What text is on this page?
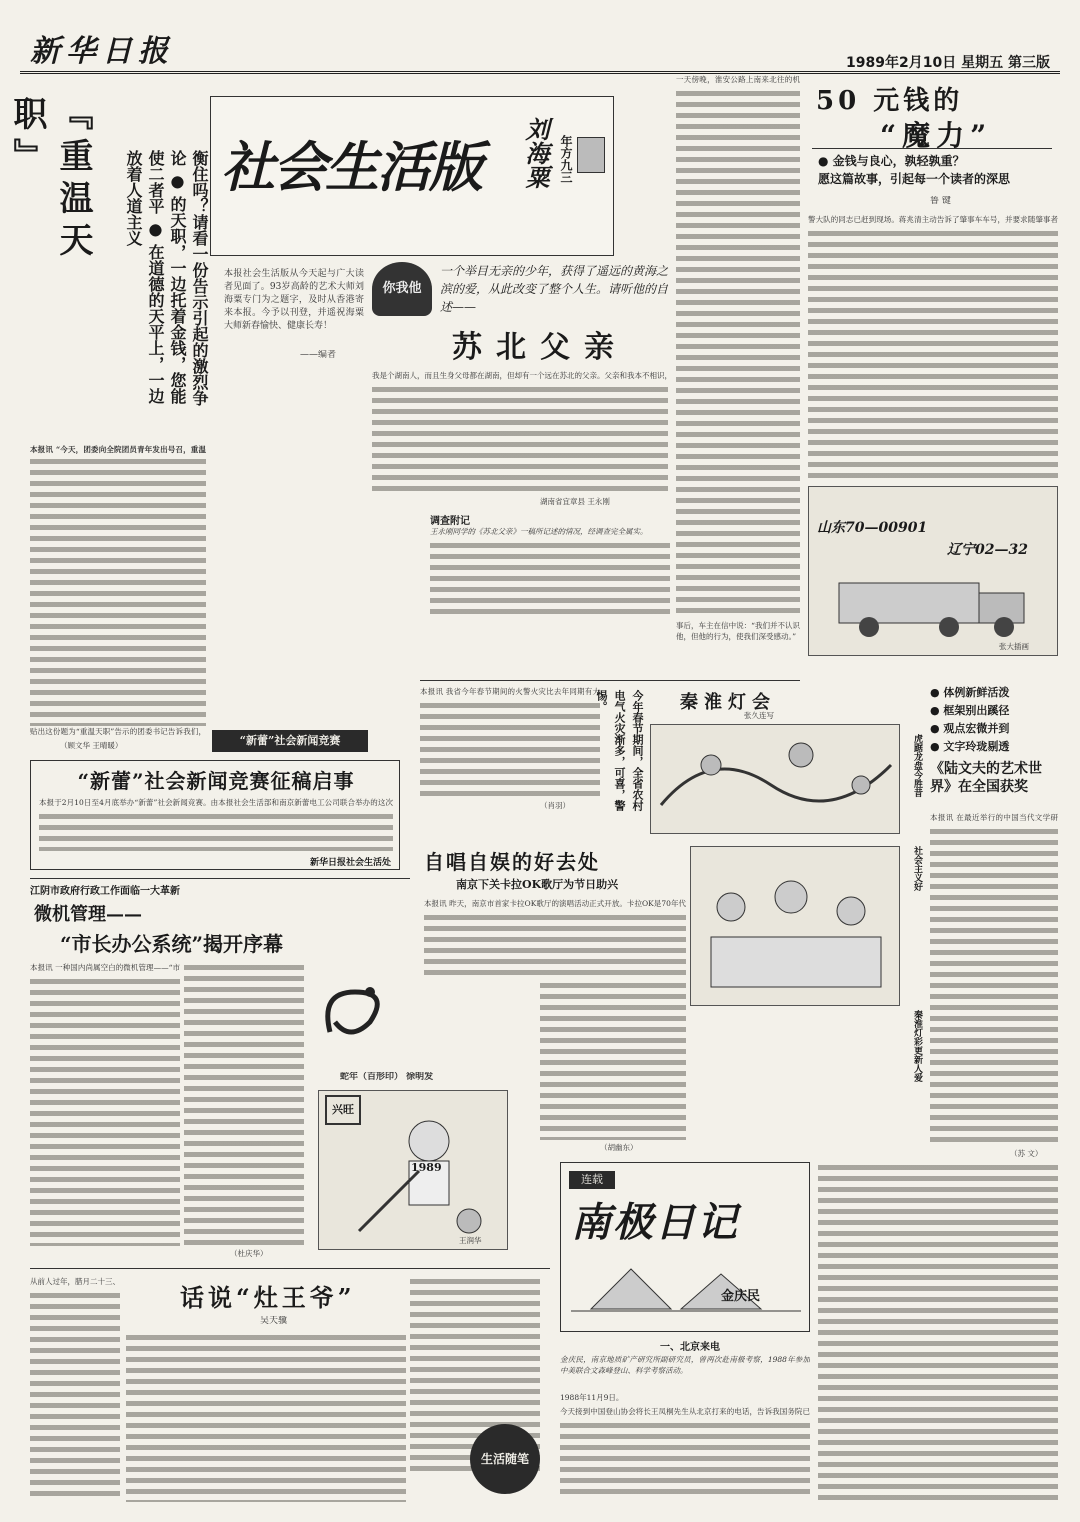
新华日报	1989年2月10日 星期五 第三版
『重温天职』
衡住吗？请看一份告示引起的激烈争论 ● 的天职，一边托着金钱，您能使二者平 ● 在道德的天平上，一边放着人道主义
本报讯 “今天，团委向全院团员青年发出号召，重温
贴出这份题为“重温天职”告示的团委书记告诉我们，
（顾文华 王晴暖）	“新蕾”社会新闻竞赛
社会生活版	刘海粟 年方九三
本报社会生活版从今天起与广大读者见面了。93岁高龄的艺术大师刘海粟专门为之题字，及时从香港寄来本报。今予以刊登，并遥祝海粟大师新春愉快、健康长寿！
——编者
你我他
一个举目无亲的少年，获得了遥远的黄海之滨的爱，从此改变了整个人生。请听他的自述——
苏北父亲
我是个湖南人，而且生身父母都在湖南，但却有一个远在苏北的父亲。父亲和我本不相识，
湖南省宜章县 王永刚
调查附记
王永刚同学的《苏北父亲》一稿所记述的情况，经调查完全属实。
一天傍晚，淮安公路上南来北往的机
事后，车主在信中说：“我们并不认识他，但他的行为，使我们深受感动。”
50 元钱的
“魔力”
● 金钱与良心，孰轻孰重？
愿这篇故事，引起每一个读者的深思
鲁 键
警大队的同志已赶到现场。蒋兆清主动告诉了肇事车车号，并要求随肇事者
山东70—00901
辽宁02—32
张大插画
“新蕾”社会新闻竞赛征稿启事
本报于2月10日至4月底举办“新蕾”社会新闻竞赛。由本报社会生活部和南京新蕾电工公司联合举办的这次
新华日报社会生活处
本报讯 我省今年春节期间的火警火灾比去年同期有大
（肖羽）	今年春节期间，全省农村电气火灾渐多，可喜，警惕。	秦淮灯会
张久连写
虎踞龙盘今胜昔
自唱自娱的好去处
南京下关卡拉OK歌厅为节日助兴
本报讯 昨天，南京市首家卡拉OK歌厅的演唱活动正式开放。卡拉OK是70年代
（胡幽东）
社会主义好
秦淮灯彩更新人爱
江阴市政府行政工作面临一大革新
微机管理——
“市长办公系统”揭开序幕
本报讯 一种国内尚属空白的微机管理——“市
（杜庆华）
蛇年（百形印） 徐明发
兴旺
1989
王润华
● 体例新鲜活泼
● 框架别出蹊径
● 观点宏微并到
● 文字玲珑剔透
《陆文夫的艺术世界》在全国获奖
本报讯 在最近举行的中国当代文学研
（苏 文）
从前人过年，腊月二十三、
话说“灶王爷”
吴天骥
生活随笔
连载
南极日记
金庆民
一、北京来电
金庆民，南京地质矿产研究所副研究员，曾两次赴南极考察，1988年参加中美联合文森峰登山、科学考察活动。
1988年11月9日。
今天接到中国登山协会将长王凤桐先生从北京打来的电话，告诉我国务院已
